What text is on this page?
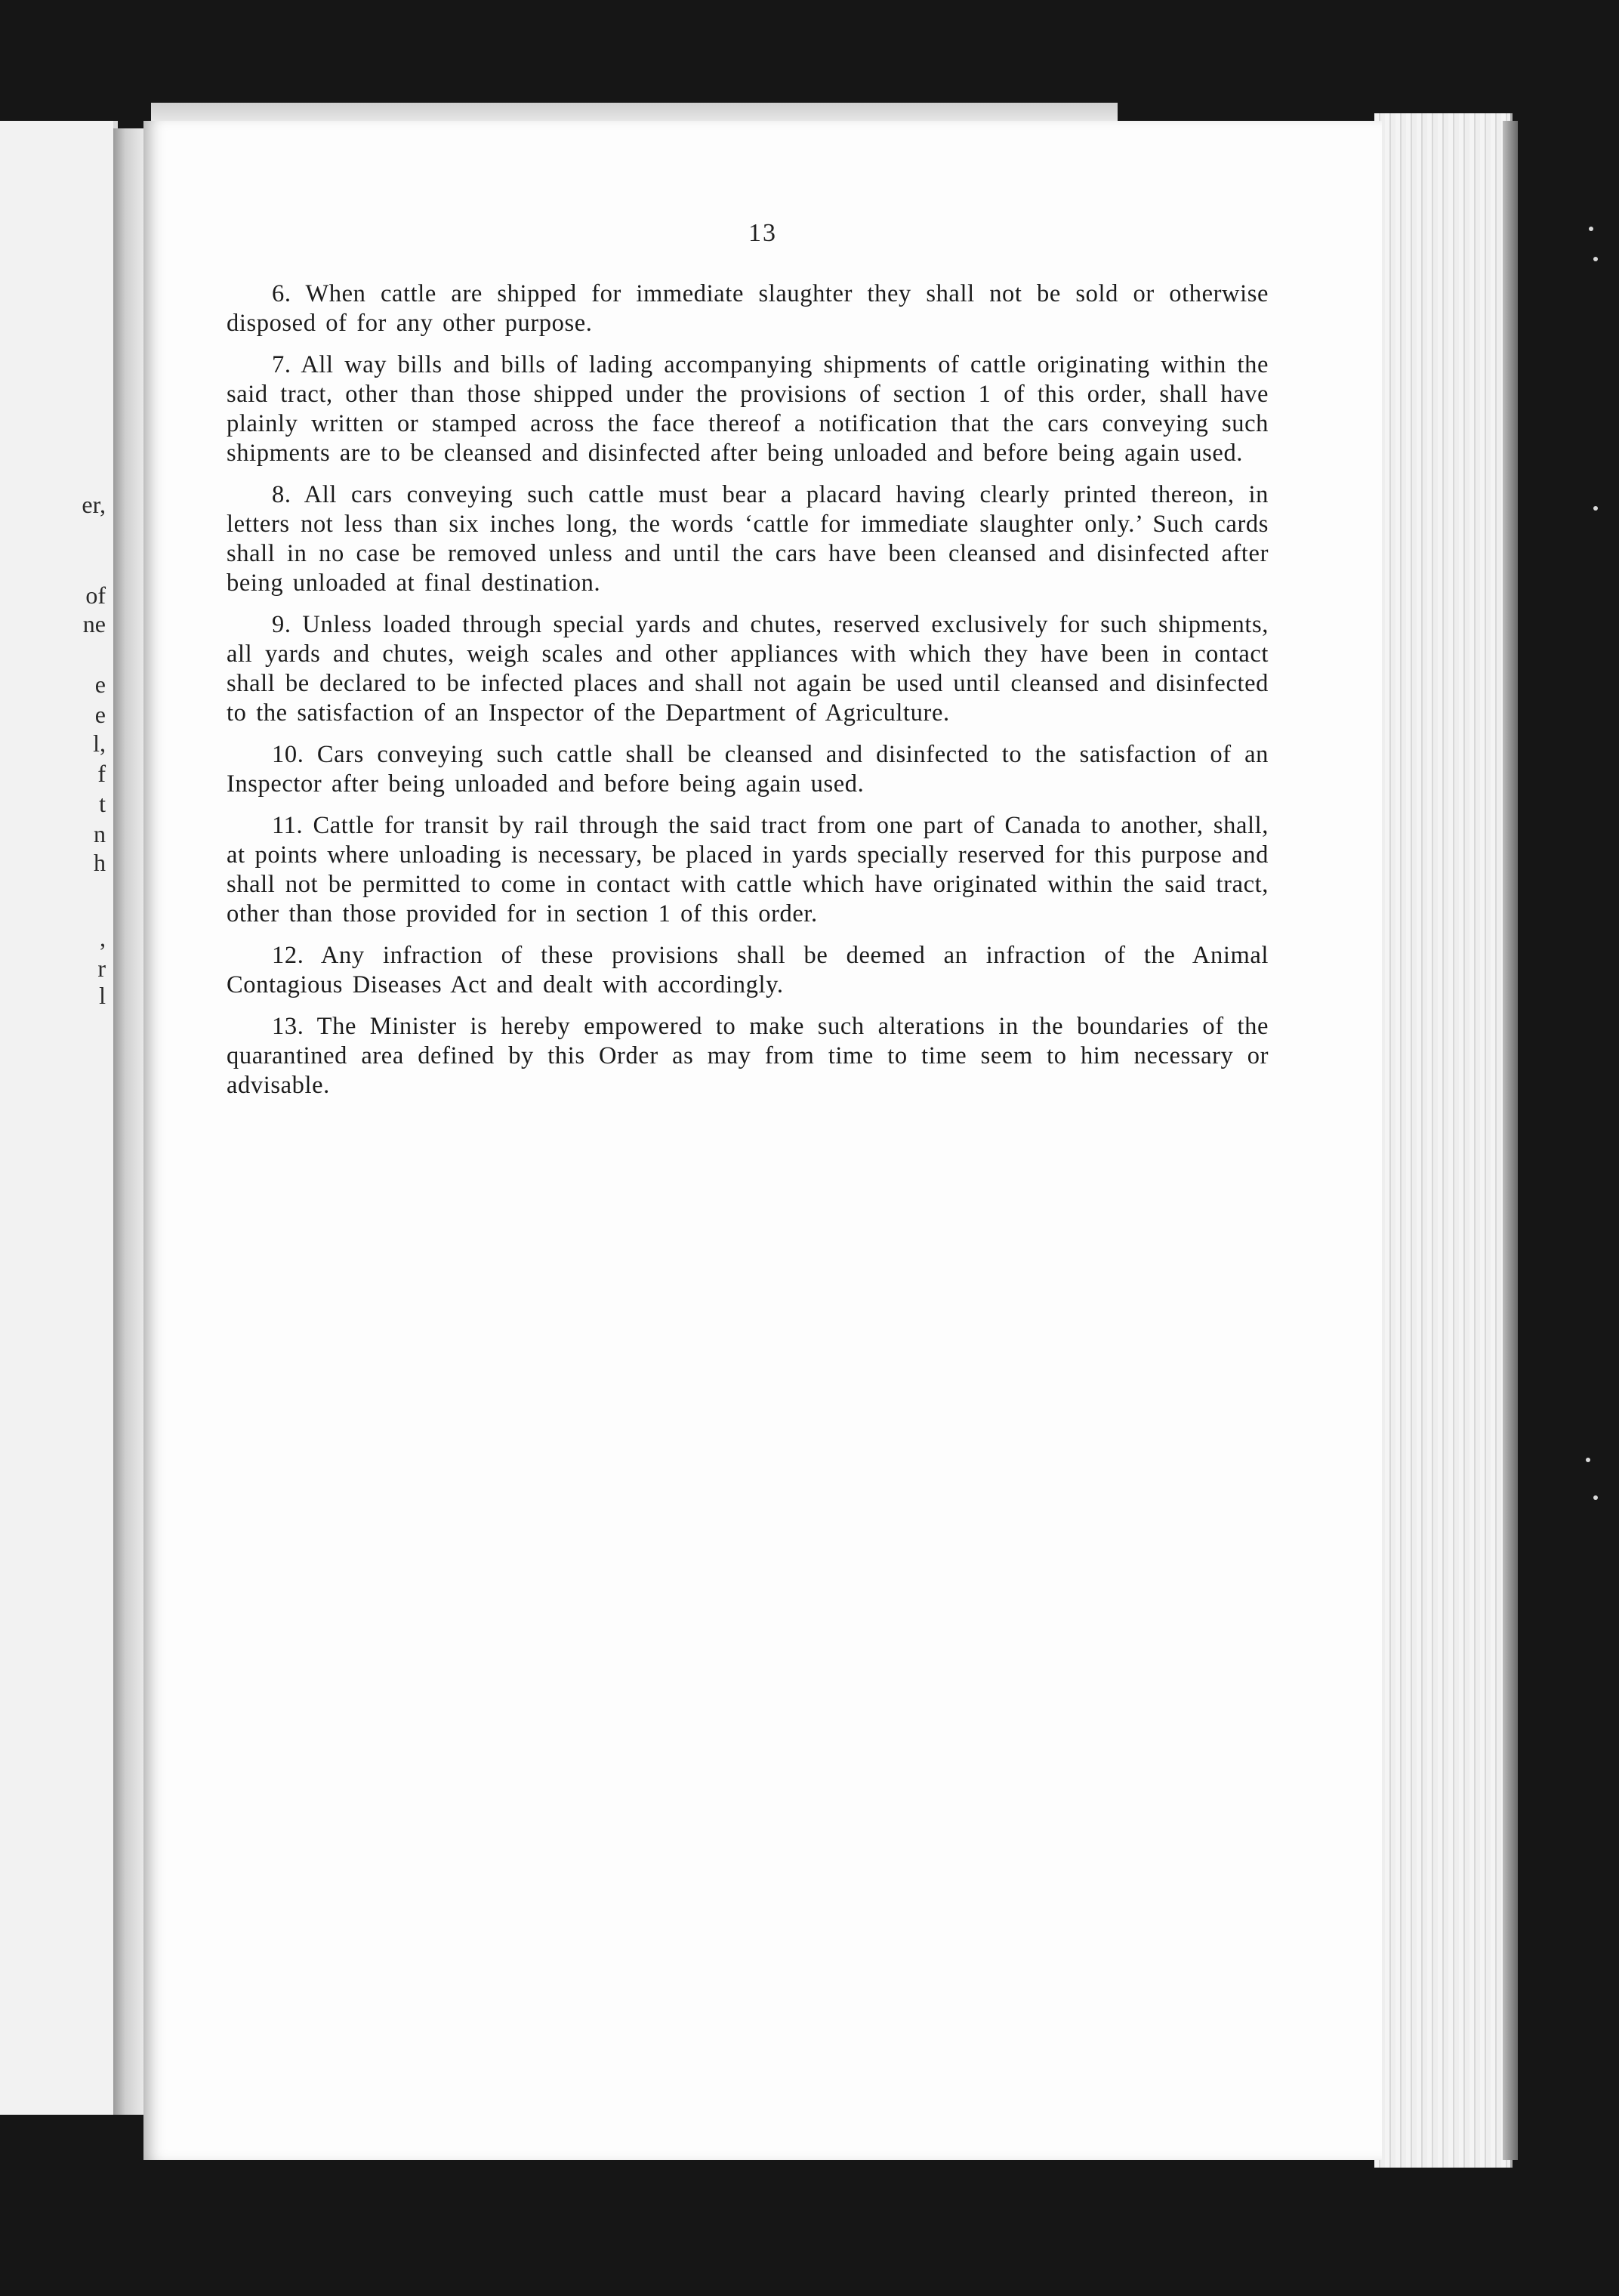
er,
of
ne
e
e
l,
f
t
n
h
,
r
l
13

6. When cattle are shipped for immediate slaughter they shall not be sold or otherwise disposed of for any other purpose.

7. All way bills and bills of lading accompanying shipments of cattle originating within the said tract, other than those shipped under the provisions of section 1 of this order, shall have plainly written or stamped across the face thereof a notification that the cars conveying such shipments are to be cleansed and disinfected after being unloaded and before being again used.

8. All cars conveying such cattle must bear a placard having clearly printed thereon, in letters not less than six inches long, the words ‘cattle for immediate slaughter only.’ Such cards shall in no case be removed unless and until the cars have been cleansed and disinfected after being unloaded at final destination.

9. Unless loaded through special yards and chutes, reserved exclusively for such shipments, all yards and chutes, weigh scales and other appliances with which they have been in contact shall be declared to be infected places and shall not again be used until cleansed and disinfected to the satisfaction of an Inspector of the Department of Agriculture.

10. Cars conveying such cattle shall be cleansed and disinfected to the satisfaction of an Inspector after being unloaded and before being again used.

11. Cattle for transit by rail through the said tract from one part of Canada to another, shall, at points where unloading is necessary, be placed in yards specially reserved for this purpose and shall not be permitted to come in contact with cattle which have originated within the said tract, other than those provided for in section 1 of this order.

12. Any infraction of these provisions shall be deemed an infraction of the Animal Contagious Diseases Act and dealt with accordingly.

13. The Minister is hereby empowered to make such alterations in the boundaries of the quarantined area defined by this Order as may from time to time seem to him necessary or advisable.
